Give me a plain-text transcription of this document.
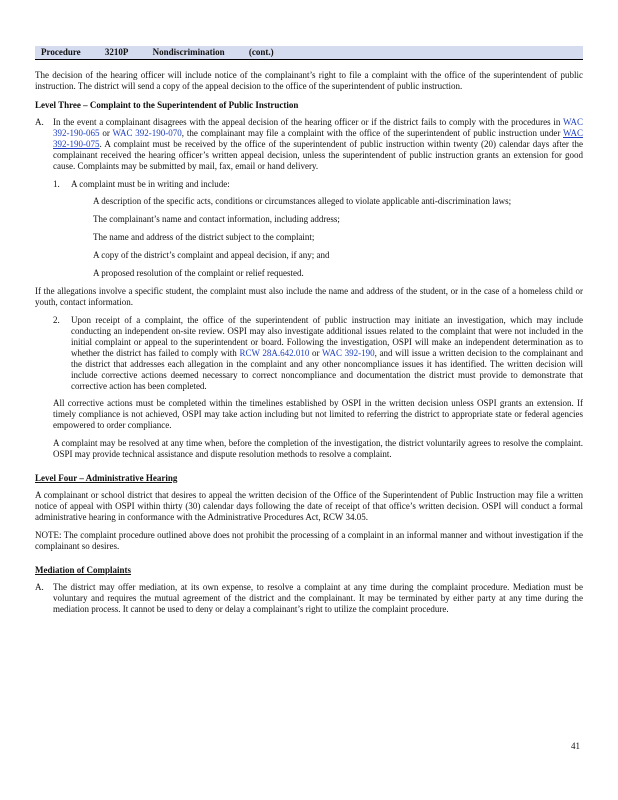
Procedure	3210P	Nondiscrimination	(cont.)

The decision of the hearing officer will include notice of the complainant’s right to file a complaint with the office of the superintendent of public instruction. The district will send a copy of the appeal decision to the office of the superintendent of public instruction.

Level Three – Complaint to the Superintendent of Public Instruction
A.	In the event a complainant disagrees with the appeal decision of the hearing officer or if the district fails to comply with the procedures in WAC 392-190-065 or WAC 392-190-070, the complainant may file a complaint with the office of the superintendent of public instruction under WAC 392-190-075. A complaint must be received by the office of the superintendent of public instruction within twenty (20) calendar days after the complainant received the hearing officer’s written appeal decision, unless the superintendent of public instruction grants an extension for good cause. Complaints may be submitted by mail, fax, email or hand delivery.
1.	A complaint must be in writing and include:
A description of the specific acts, conditions or circumstances alleged to violate applicable anti-discrimination laws;
The complainant’s name and contact information, including address;
The name and address of the district subject to the complaint;
A copy of the district’s complaint and appeal decision, if any; and
A proposed resolution of the complaint or relief requested.

If the allegations involve a specific student, the complaint must also include the name and address of the student, or in the case of a homeless child or youth, contact information.

2.	Upon receipt of a complaint, the office of the superintendent of public instruction may initiate an investigation, which may include conducting an independent on-site review. OSPI may also investigate additional issues related to the complaint that were not included in the initial complaint or appeal to the superintendent or board. Following the investigation, OSPI will make an independent determination as to whether the district has failed to comply with RCW 28A.642.010 or WAC 392-190, and will issue a written decision to the complainant and the district that addresses each allegation in the complaint and any other noncompliance issues it has identified. The written decision will include corrective actions deemed necessary to correct noncompliance and documentation the district must provide to demonstrate that corrective action has been completed.

All corrective actions must be completed within the timelines established by OSPI in the written decision unless OSPI grants an extension. If timely compliance is not achieved, OSPI may take action including but not limited to referring the district to appropriate state or federal agencies empowered to order compliance.

A complaint may be resolved at any time when, before the completion of the investigation, the district voluntarily agrees to resolve the complaint. OSPI may provide technical assistance and dispute resolution methods to resolve a complaint.

Level Four – Administrative Hearing

A complainant or school district that desires to appeal the written decision of the Office of the Superintendent of Public Instruction may file a written notice of appeal with OSPI within thirty (30) calendar days following the date of receipt of that office’s written decision. OSPI will conduct a formal administrative hearing in conformance with the Administrative Procedures Act, RCW 34.05.

NOTE: The complaint procedure outlined above does not prohibit the processing of a complaint in an informal manner and without investigation if the complainant so desires.

Mediation of Complaints
A.	The district may offer mediation, at its own expense, to resolve a complaint at any time during the complaint procedure. Mediation must be voluntary and requires the mutual agreement of the district and the complainant. It may be terminated by either party at any time during the mediation process. It cannot be used to deny or delay a complainant’s right to utilize the complaint procedure.
41
